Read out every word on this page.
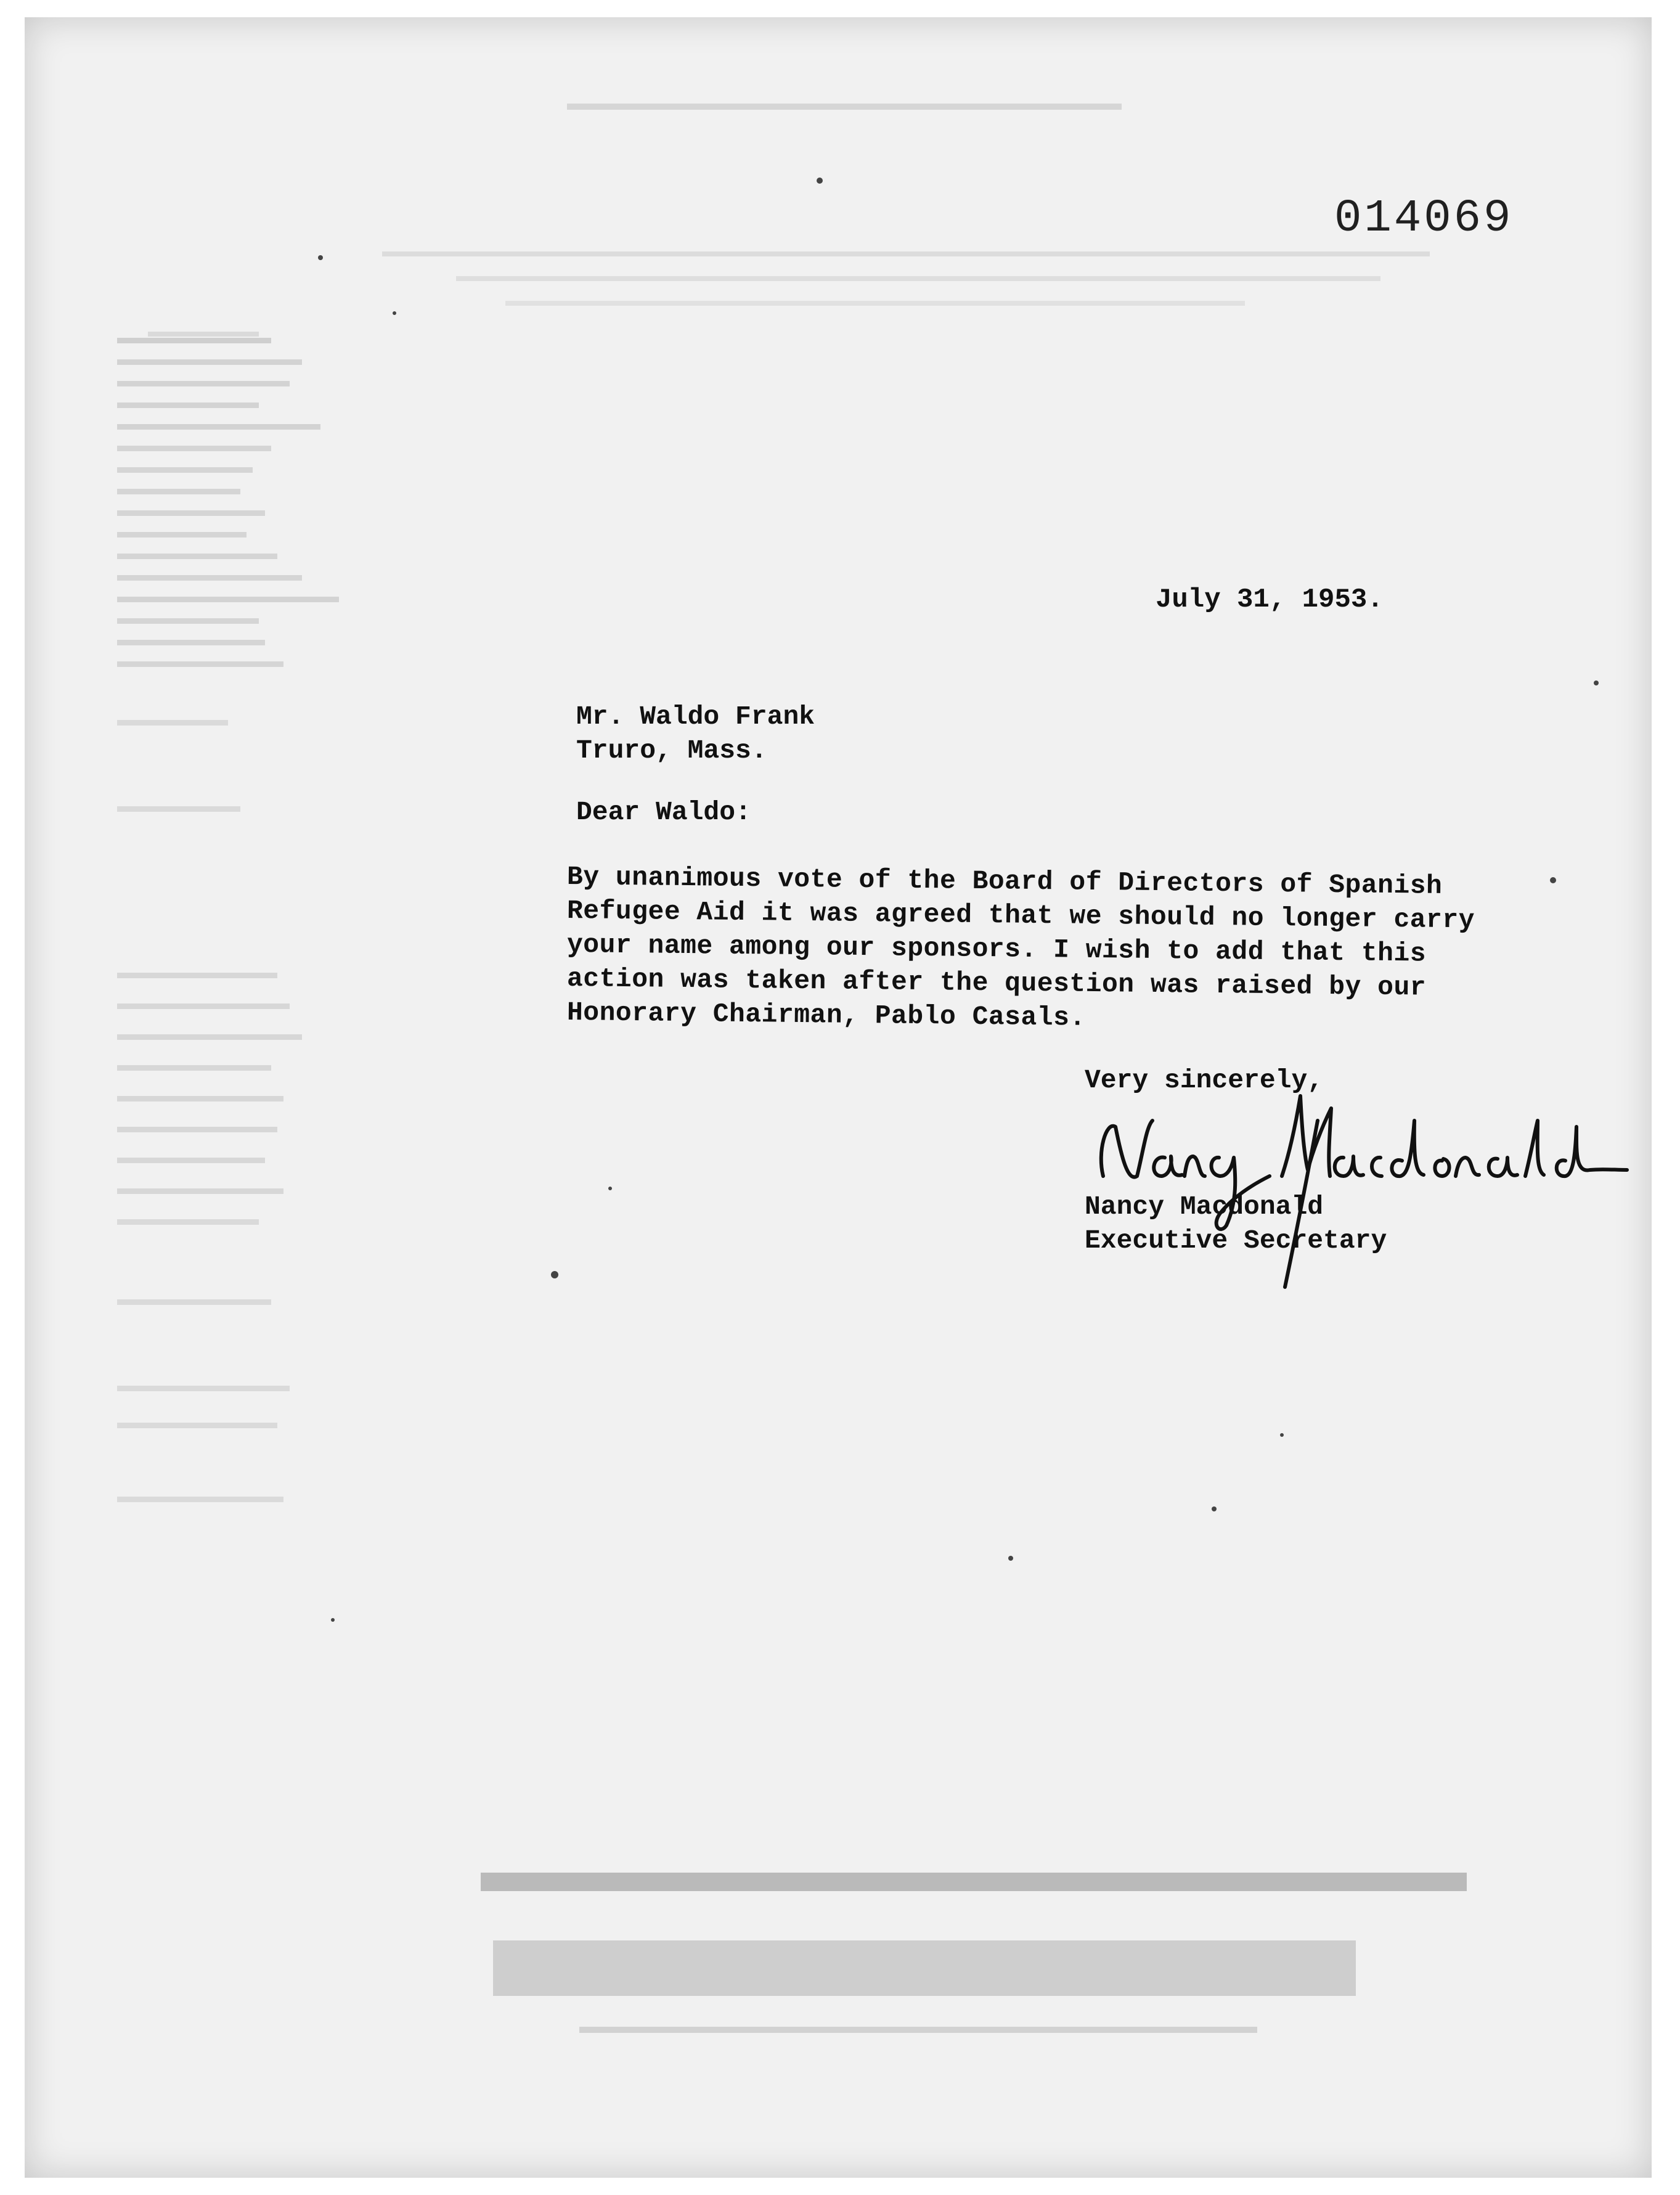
014069
July 31, 1953.
Mr. Waldo Frank
Truro, Mass.
Dear Waldo:
By unanimous vote of the Board of Directors of Spanish
Refugee Aid it was agreed that we should no longer carry
your name among our sponsors. I wish to add that this
action was taken after the question was raised by our
Honorary Chairman, Pablo Casals.
Very sincerely,
Nancy Macdonald
Executive Secretary
